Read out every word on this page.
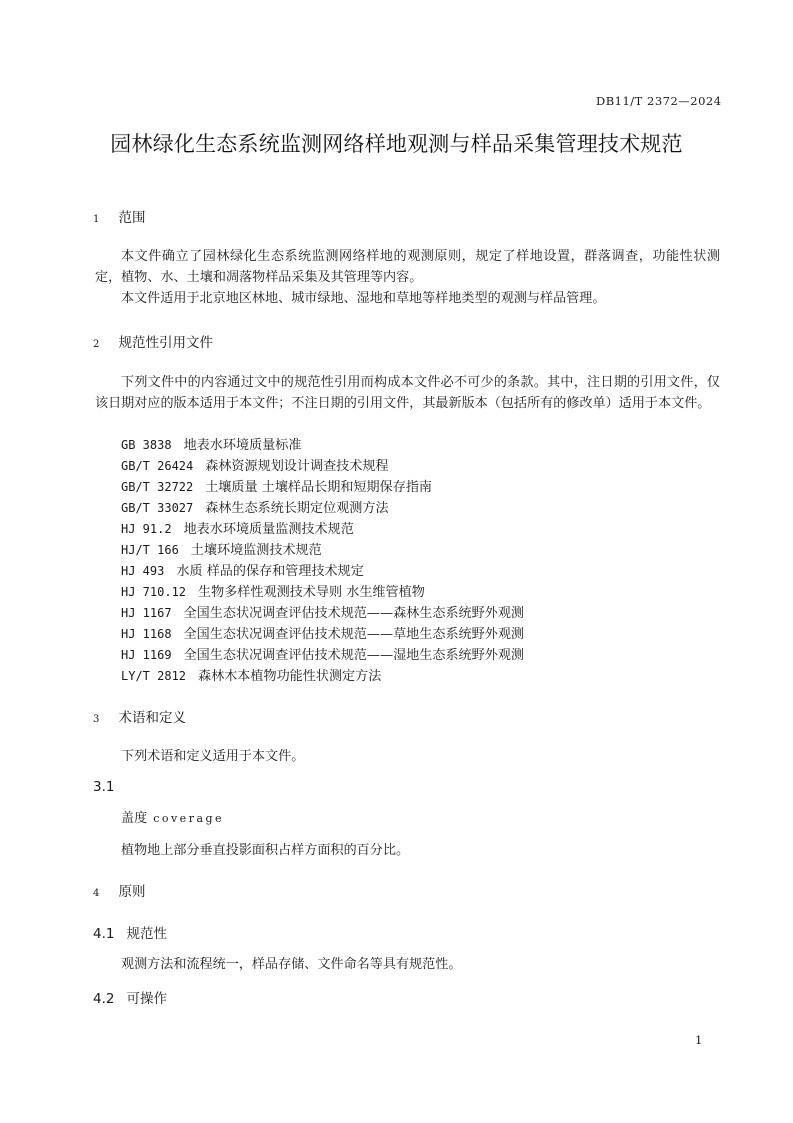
DB11/T 2372—2024
园林绿化生态系统监测网络样地观测与样品采集管理技术规范
1 范围
本文件确立了园林绿化生态系统监测网络样地的观测原则，规定了样地设置，群落调查，功能性状测定，植物、水、土壤和凋落物样品采集及其管理等内容。
本文件适用于北京地区林地、城市绿地、湿地和草地等样地类型的观测与样品管理。
2 规范性引用文件
下列文件中的内容通过文中的规范性引用而构成本文件必不可少的条款。其中，注日期的引用文件，仅该日期对应的版本适用于本文件；不注日期的引用文件，其最新版本（包括所有的修改单）适用于本文件。
GB 3838 地表水环境质量标准
GB/T 26424 森林资源规划设计调查技术规程
GB/T 32722 土壤质量 土壤样品长期和短期保存指南
GB/T 33027 森林生态系统长期定位观测方法
HJ 91.2 地表水环境质量监测技术规范
HJ/T 166 土壤环境监测技术规范
HJ 493 水质 样品的保存和管理技术规定
HJ 710.12 生物多样性观测技术导则 水生维管植物
HJ 1167 全国生态状况调查评估技术规范——森林生态系统野外观测
HJ 1168 全国生态状况调查评估技术规范——草地生态系统野外观测
HJ 1169 全国生态状况调查评估技术规范——湿地生态系统野外观测
LY/T 2812 森林木本植物功能性状测定方法
3 术语和定义
下列术语和定义适用于本文件。
3.1
盖度 coverage
植物地上部分垂直投影面积占样方面积的百分比。
4 原则
4.1 规范性
观测方法和流程统一，样品存储、文件命名等具有规范性。
4.2 可操作
1
